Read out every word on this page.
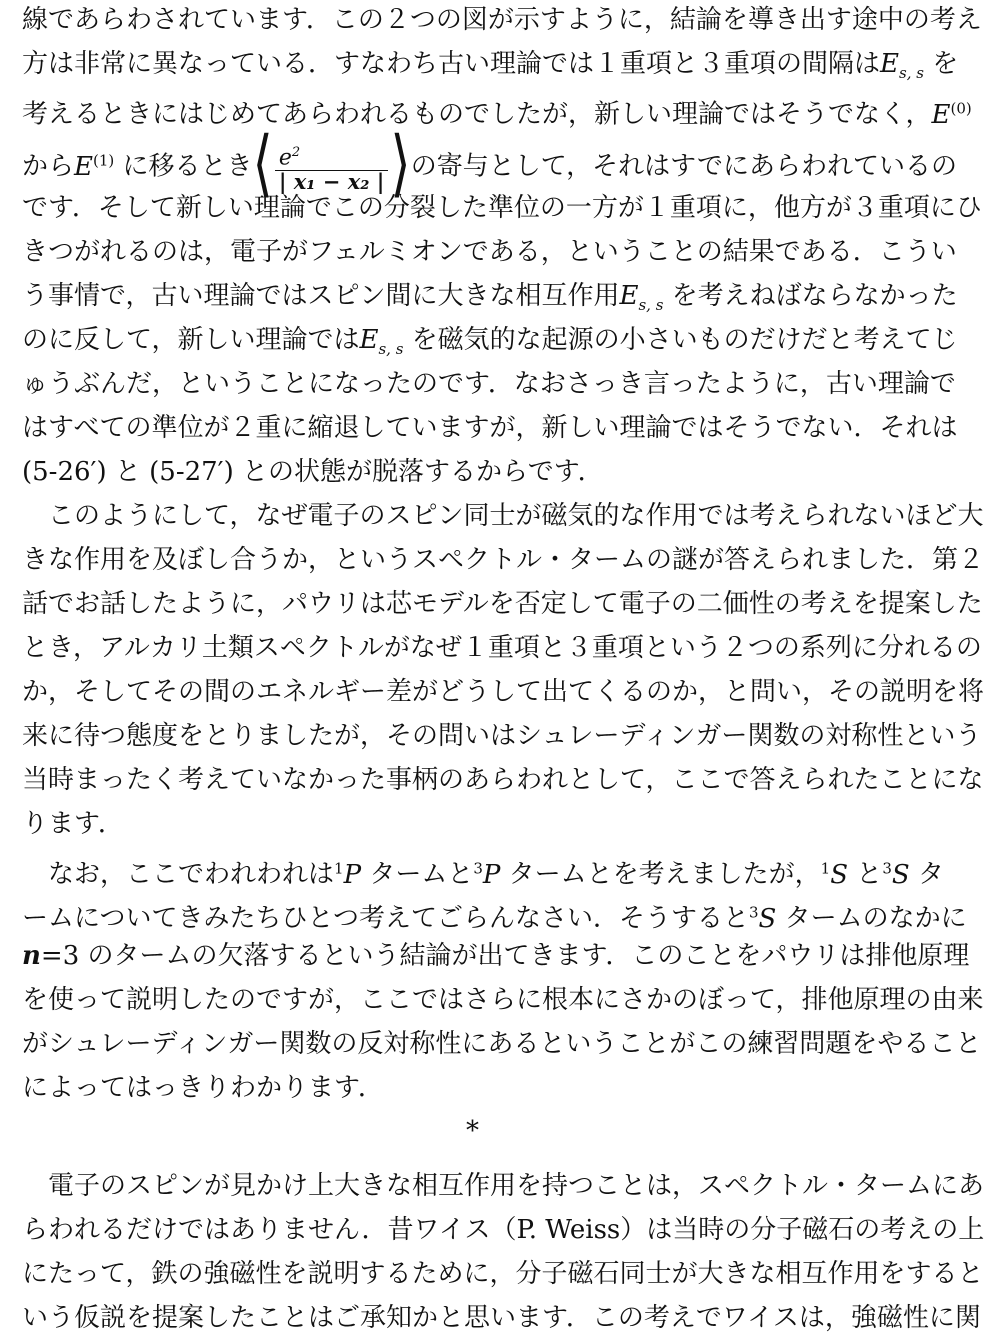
線であらわされています．この２つの図が示すように，結論を導き出す途中の考え
方は非常に異なっている．すなわち古い理論では１重項と３重項の間隔は$E_{s, s}$ を
考えるときにはじめてあらわれるものでしたが，新しい理論ではそうでなく，$E^{(0)}$
から$E^{(1)}$ に移るとき⟨ $\frac{e^2}{\text{| x₁ − x₂ |}}$ ⟩の寄与として，それはすでにあらわれているの
です．そして新しい理論でこの分裂した準位の一方が１重項に，他方が３重項にひ
きつがれるのは，電子がフェルミオンである，ということの結果である．こうい
う事情で，古い理論ではスピン間に大きな相互作用$E_{s, s}$ を考えねばならなかった
のに反して，新しい理論では$E_{s, s}$ を磁気的な起源の小さいものだけだと考えてじ
ゅうぶんだ，ということになったのです．なおさっき言ったように，古い理論で
はすべての準位が２重に縮退していますが，新しい理論ではそうでない．それは
(5-26′) と (5-27′) との状態が脱落するからです．
このようにして，なぜ電子のスピン同士が磁気的な作用では考えられないほど大
きな作用を及ぼし合うか，というスペクトル・タームの謎が答えられました．第２
話でお話したように，パウリは芯モデルを否定して電子の二価性の考えを提案した
とき，アルカリ土類スペクトルがなぜ１重項と３重項という２つの系列に分れるの
か，そしてその間のエネルギー差がどうして出てくるのか，と問い，その説明を将
来に待つ態度をとりましたが，その問いはシュレーディンガー関数の対称性という
当時まったく考えていなかった事柄のあらわれとして，ここで答えられたことにな
ります．
なお，ここでわれわれは$^1$P タームと$^3$P タームとを考えましたが，$^1$S と$^3$S タ
ームについてきみたちひとつ考えてごらんなさい．そうすると$^3$S タームのなかに
n=3 のタームの欠落するという結論が出てきます．このことをパウリは排他原理
を使って説明したのですが，ここではさらに根本にさかのぼって，排他原理の由来
がシュレーディンガー関数の反対称性にあるということがこの練習問題をやること
によってはっきりわかります．
*
電子のスピンが見かけ上大きな相互作用を持つことは，スペクトル・タームにあ
らわれるだけではありません．昔ワイス（P. Weiss）は当時の分子磁石の考えの上
にたって，鉄の強磁性を説明するために，分子磁石同士が大きな相互作用をすると
いう仮説を提案したことはご承知かと思います．この考えでワイスは，強磁性に関
